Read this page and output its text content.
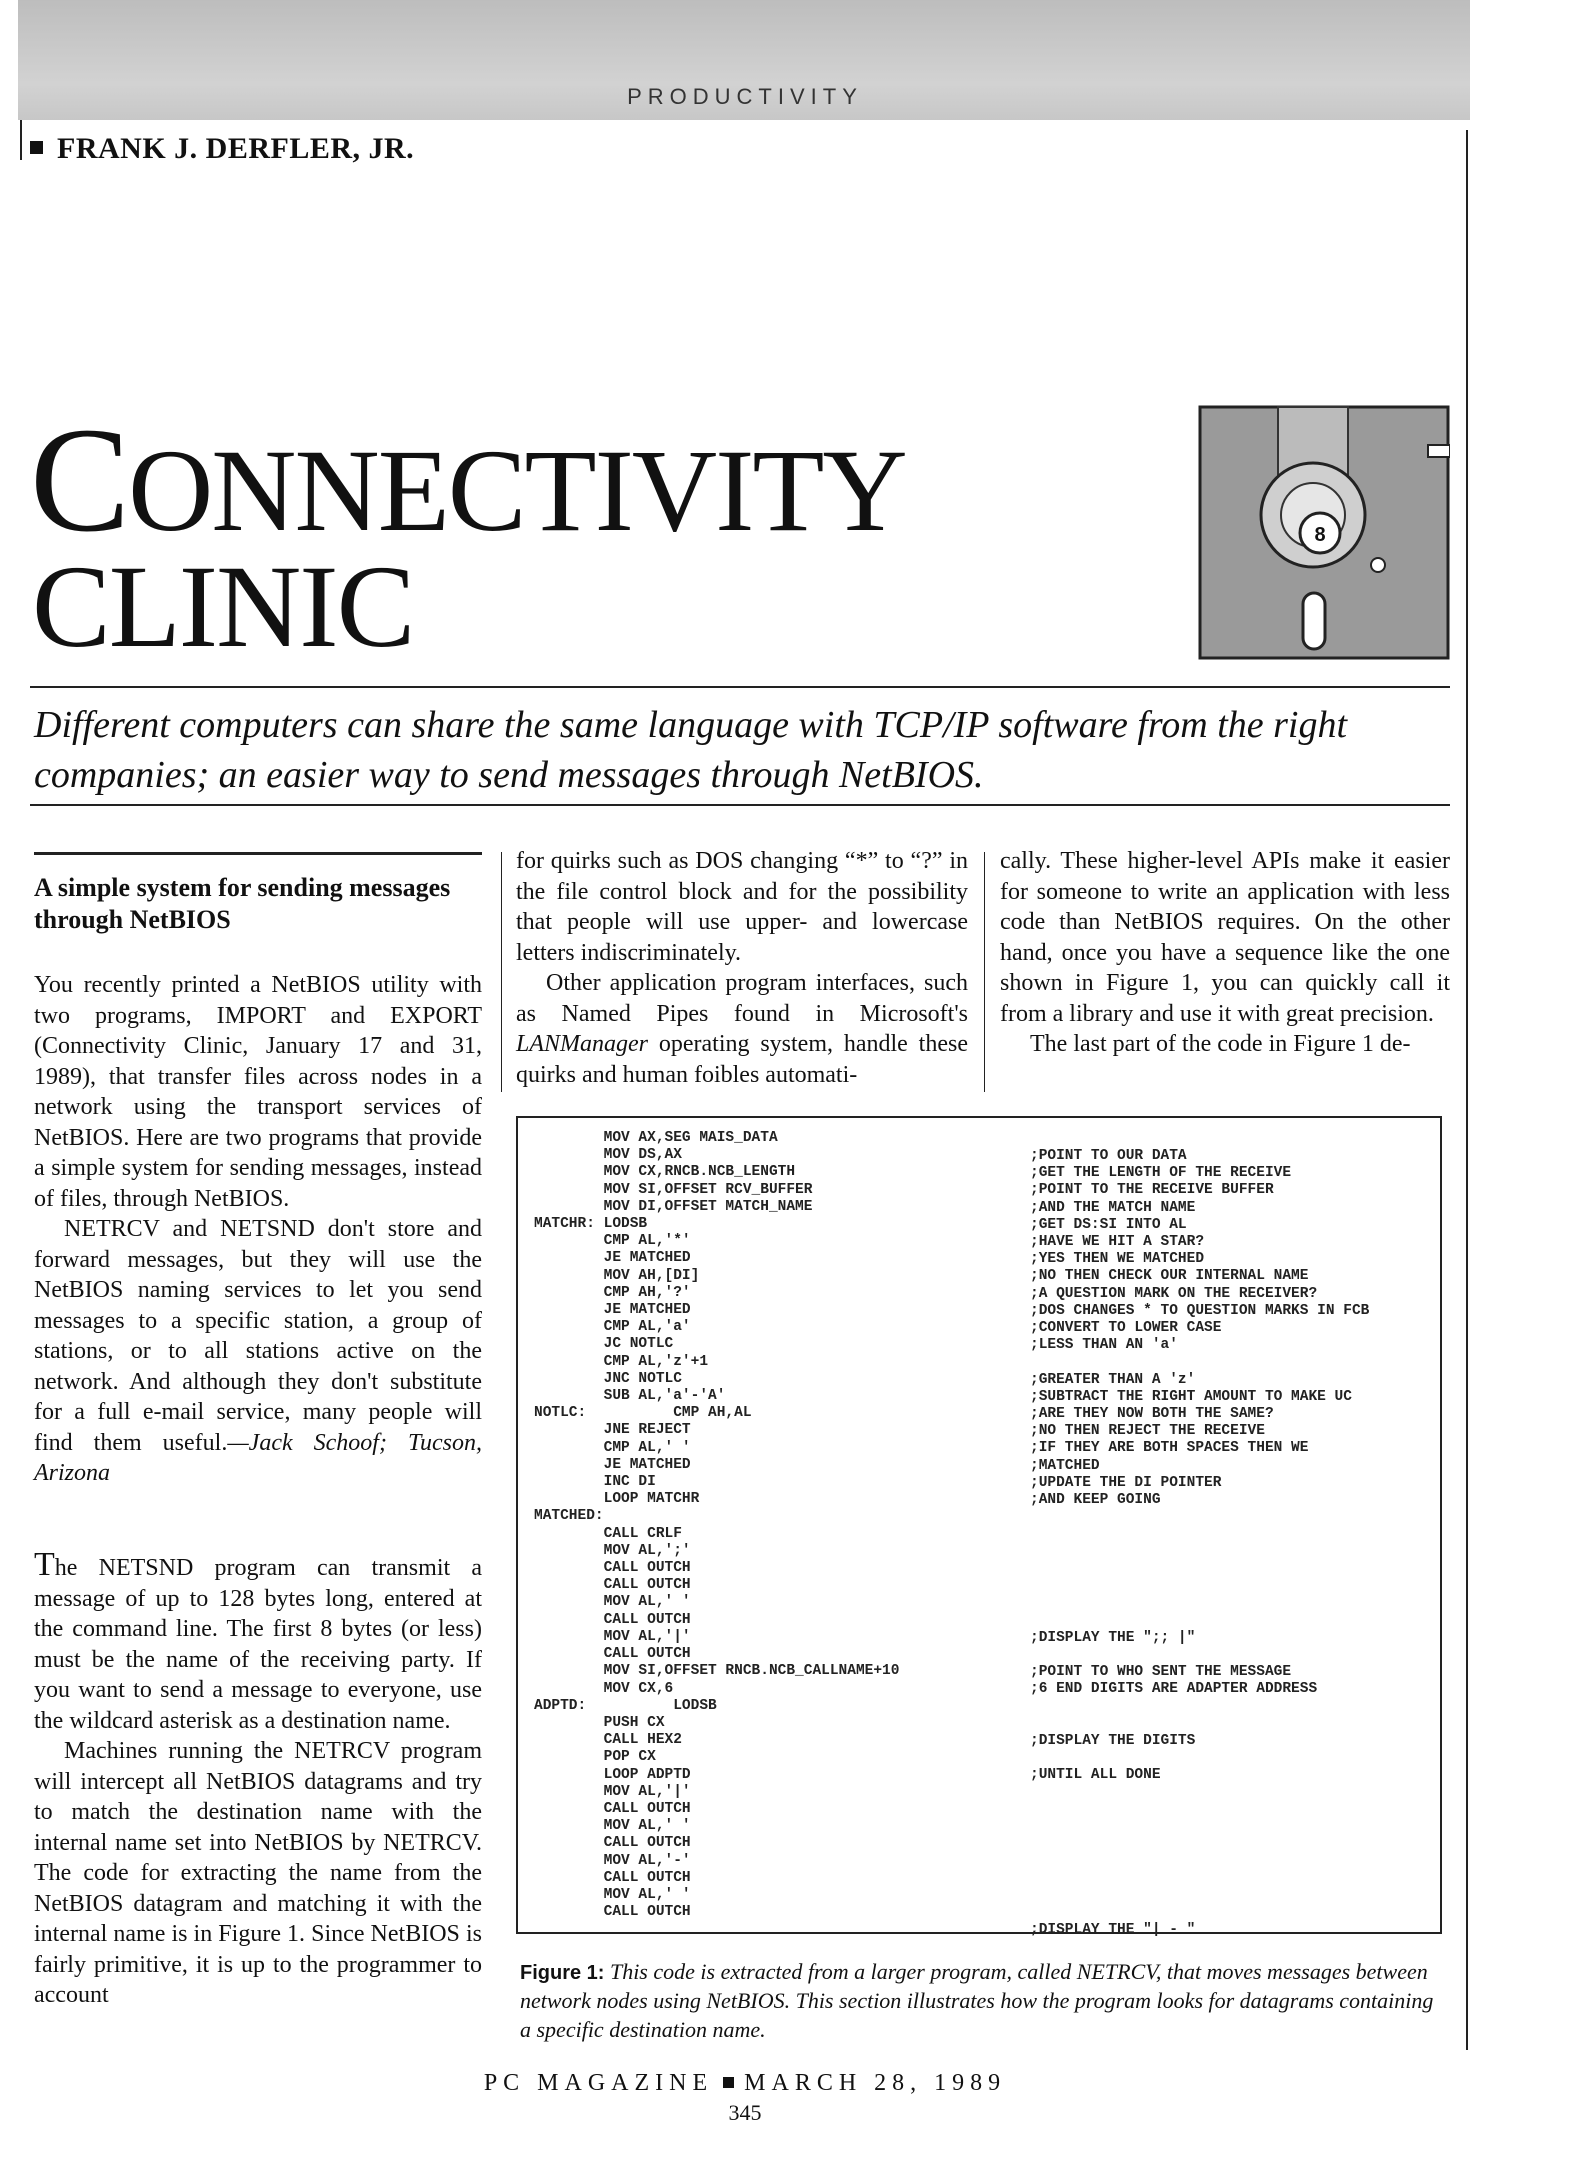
PRODUCTIVITY
FRANK J. DERFLER, JR.
CONNECTIVITY
CLINIC
8
Different computers can share the same language with TCP/IP software from the right companies; an easier way to send messages through NetBIOS.
A simple system for sending messages through NetBIOS

You recently printed a NetBIOS utility with two programs, IMPORT and EXPORT (Connectivity Clinic, January 17 and 31, 1989), that transfer files across nodes in a network using the transport services of NetBIOS. Here are two programs that provide a simple system for sending messages, instead of files, through NetBIOS.

NETRCV and NETSND don't store and forward messages, but they will use the NetBIOS naming services to let you send messages to a specific station, a group of stations, or to all stations active on the network. And although they don't substitute for a full e-mail service, many people will find them useful.—Jack Schoof; Tucson, Arizona

The NETSND program can transmit a message of up to 128 bytes long, entered at the command line. The first 8 bytes (or less) must be the name of the receiving party. If you want to send a message to everyone, use the wildcard asterisk as a destination name.

Machines running the NETRCV program will intercept all NetBIOS datagrams and try to match the destination name with the internal name set into NetBIOS by NETRCV. The code for extracting the name from the NetBIOS datagram and matching it with the internal name is in Figure 1. Since NetBIOS is fairly primitive, it is up to the programmer to account

for quirks such as DOS changing “*” to “?” in the file control block and for the possibility that people will use upper- and lowercase letters indiscriminately.

Other application program interfaces, such as Named Pipes found in Microsoft's LANManager operating system, handle these quirks and human foibles automati-

cally. These higher-level APIs make it easier for someone to write an application with less code than NetBIOS requires. On the other hand, once you have a sequence like the one shown in Figure 1, you can quickly call it from a library and use it with great precision.

The last part of the code in Figure 1 de-

MOV AX,SEG MAIS_DATA
MOV DS,AX
MOV CX,RNCB.NCB_LENGTH
MOV SI,OFFSET RCV_BUFFER
MOV DI,OFFSET MATCH_NAME
MATCHR: LODSB
CMP AL,'*'
JE MATCHED
MOV AH,[DI]
CMP AH,'?'
JE MATCHED
CMP AL,'a'
JC NOTLC
CMP AL,'z'+1
JNC NOTLC
SUB AL,'a'-'A'
NOTLC:          CMP AH,AL
JNE REJECT
CMP AL,' '
JE MATCHED
INC DI
LOOP MATCHR
MATCHED:
CALL CRLF
MOV AL,';'
CALL OUTCH
CALL OUTCH
MOV AL,' '
CALL OUTCH
MOV AL,'|'
CALL OUTCH
MOV SI,OFFSET RNCB.NCB_CALLNAME+10
MOV CX,6
ADPTD:          LODSB
PUSH CX
CALL HEX2
POP CX
LOOP ADPTD
MOV AL,'|'
CALL OUTCH
MOV AL,' '
CALL OUTCH
MOV AL,'-'
CALL OUTCH
MOV AL,' '
CALL OUTCH
;POINT TO OUR DATA
;GET THE LENGTH OF THE RECEIVE
;POINT TO THE RECEIVE BUFFER
;AND THE MATCH NAME
;GET DS:SI INTO AL
;HAVE WE HIT A STAR?
;YES THEN WE MATCHED
;NO THEN CHECK OUR INTERNAL NAME
;A QUESTION MARK ON THE RECEIVER?
;DOS CHANGES * TO QUESTION MARKS IN FCB
;CONVERT TO LOWER CASE
;LESS THAN AN 'a'

;GREATER THAN A 'z'
;SUBTRACT THE RIGHT AMOUNT TO MAKE UC
;ARE THEY NOW BOTH THE SAME?
;NO THEN REJECT THE RECEIVE
;IF THEY ARE BOTH SPACES THEN WE
;MATCHED
;UPDATE THE DI POINTER
;AND KEEP GOING

;DISPLAY THE ";; |"

;POINT TO WHO SENT THE MESSAGE
;6 END DIGITS ARE ADAPTER ADDRESS

;DISPLAY THE DIGITS

;UNTIL ALL DONE

;DISPLAY THE "| - "
Figure 1: This code is extracted from a larger program, called NETRCV, that moves messages between network nodes using NetBIOS. This section illustrates how the program looks for datagrams containing a specific destination name.
PC MAGAZINE MARCH 28, 1989
345
